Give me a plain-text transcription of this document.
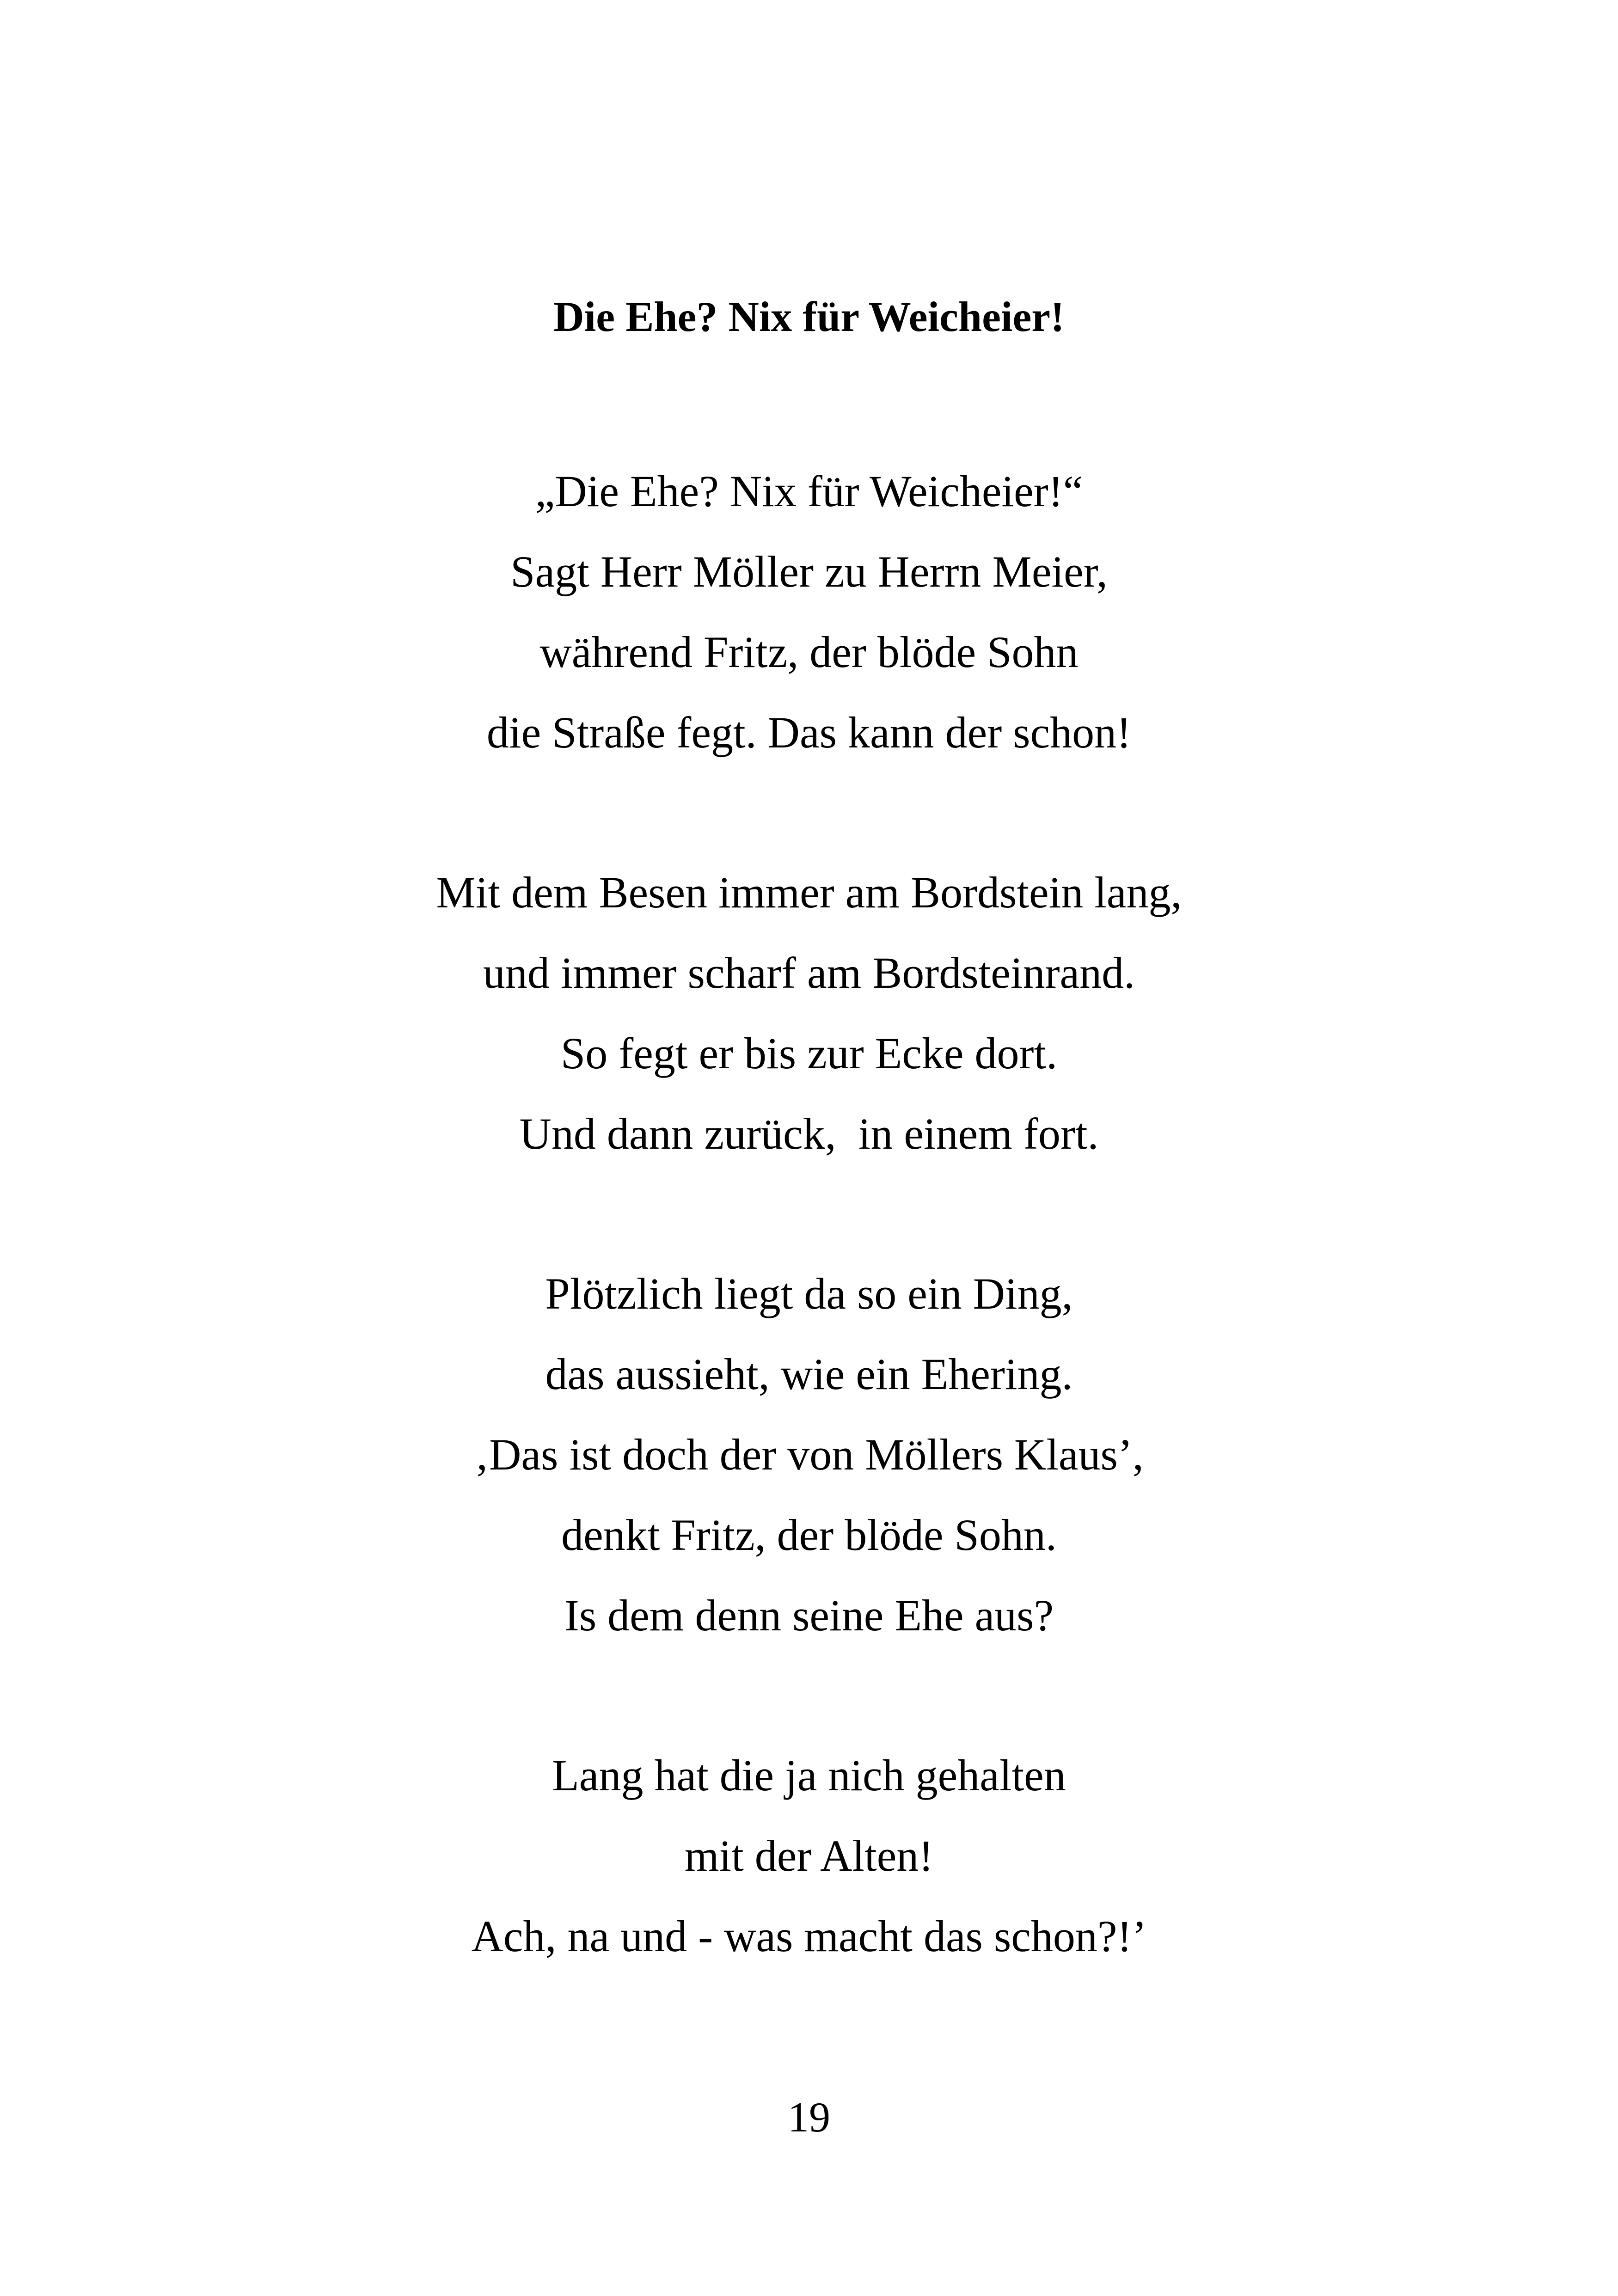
Die Ehe? Nix für Weicheier!
„Die Ehe? Nix für Weicheier!“
Sagt Herr Möller zu Herrn Meier,
während Fritz, der blöde Sohn
die Straße fegt. Das kann der schon!
Mit dem Besen immer am Bordstein lang,
und immer scharf am Bordsteinrand.
So fegt er bis zur Ecke dort.
Und dann zurück,  in einem fort.
Plötzlich liegt da so ein Ding,
das aussieht, wie ein Ehering.
‚Das ist doch der von Möllers Klaus’,
denkt Fritz, der blöde Sohn.
Is dem denn seine Ehe aus?
Lang hat die ja nich gehalten
mit der Alten!
Ach, na und - was macht das schon?!’
19
